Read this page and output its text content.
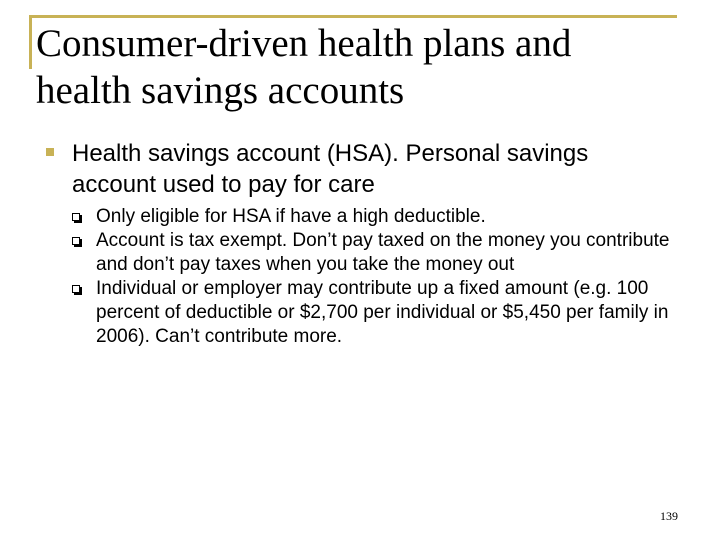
Consumer-driven health plans and health savings accounts
Health savings account (HSA). Personal savings account used to pay for care
Only eligible for HSA if have a high deductible.
Account is tax exempt. Don’t pay taxed on the money you contribute and don’t pay taxes when you take the money out
Individual or employer may contribute up a fixed amount (e.g. 100 percent of deductible or $2,700 per individual or $5,450 per family in 2006). Can’t contribute more.
139
